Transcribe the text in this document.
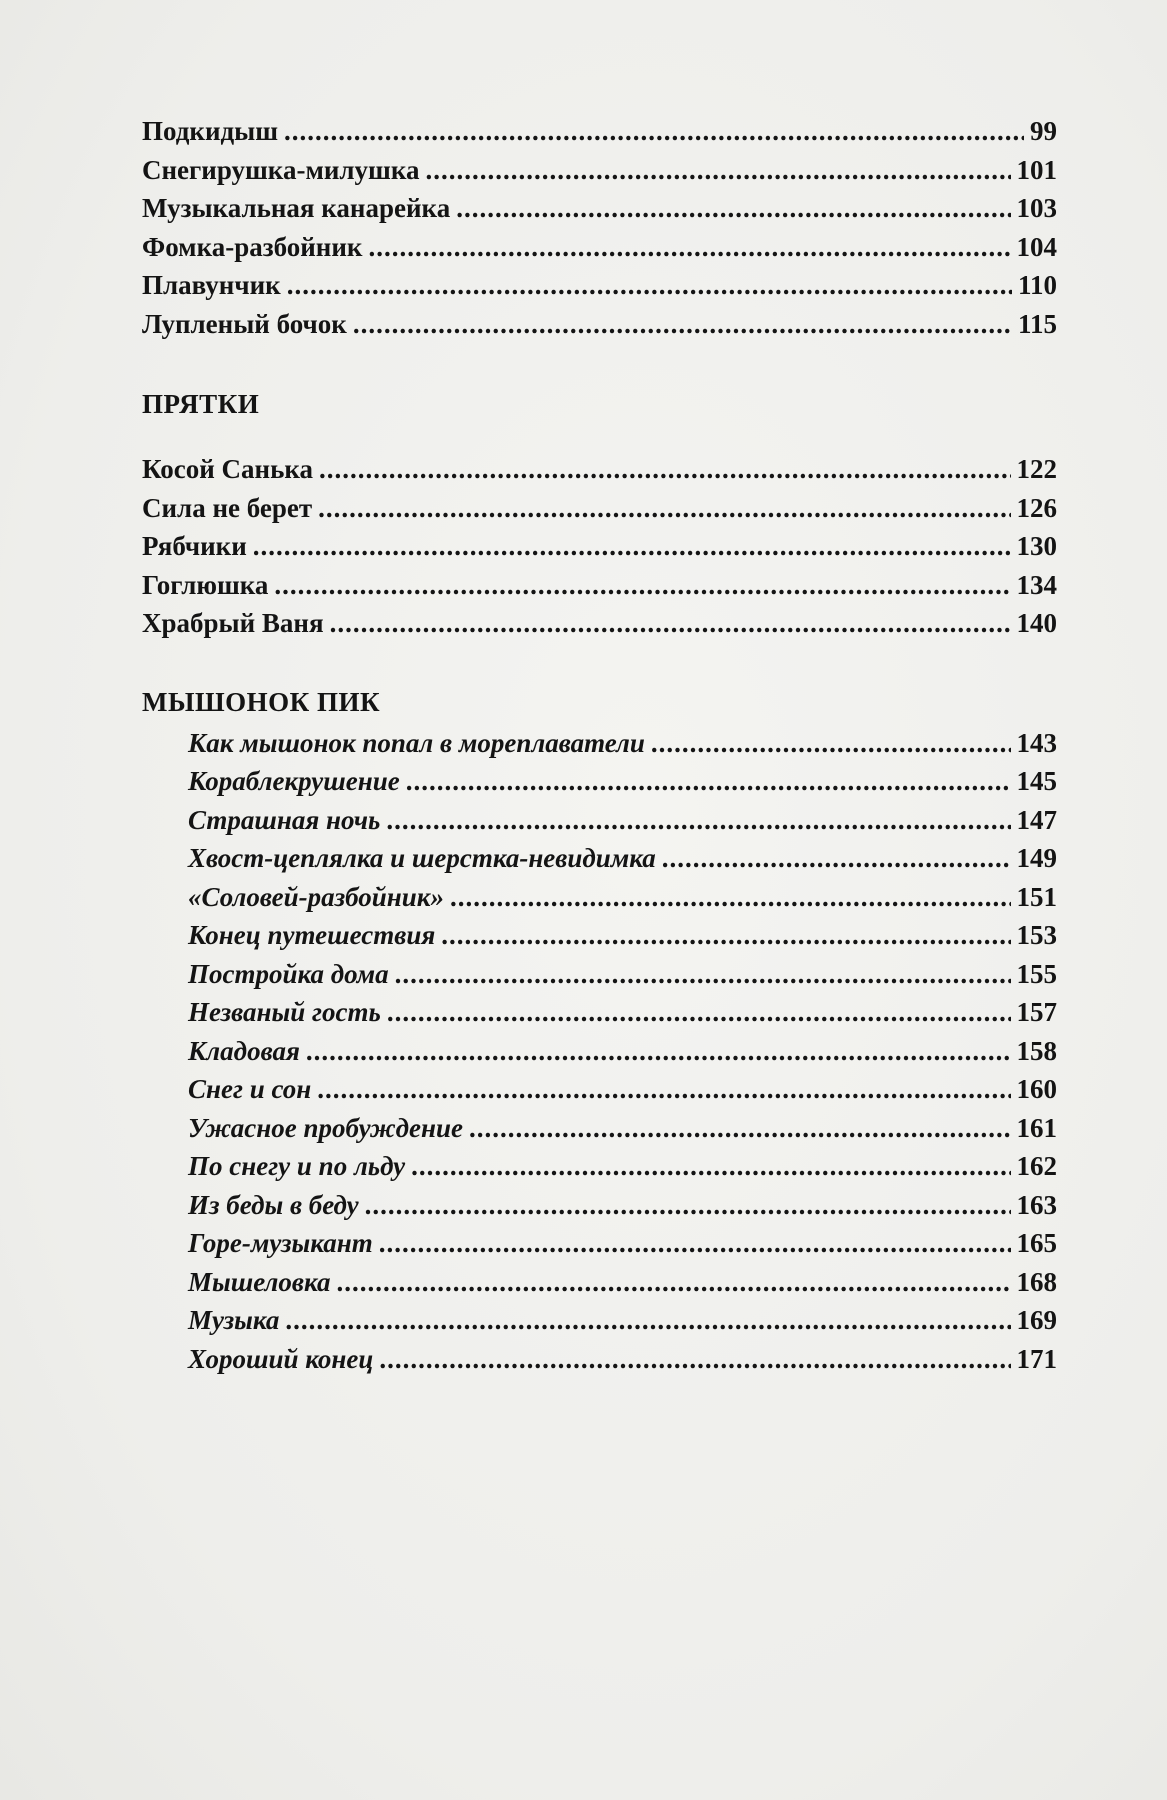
Подкидыш .....	99
Снегирушка-милушка .....	101
Музыкальная канарейка .....	103
Фомка-разбойник .....	104
Плавунчик .....	110
Лупленый бочок .....	115
ПРЯТКИ
Косой Санька .....	122
Сила не берет .....	126
Рябчики .....	130
Гоглюшка .....	134
Храбрый Ваня .....	140
МЫШОНОК ПИК
Как мышонок попал в мореплаватели .....	143
Кораблекрушение .....	145
Страшная ночь .....	147
Хвост-цеплялка и шерстка-невидимка .....	149
«Соловей-разбойник» .....	151
Конец путешествия .....	153
Постройка дома .....	155
Незваный гость .....	157
Кладовая .....	158
Снег и сон .....	160
Ужасное пробуждение .....	161
По снегу и по льду .....	162
Из беды в беду .....	163
Горе-музыкант .....	165
Мышеловка .....	168
Музыка .....	169
Хороший конец .....	171
